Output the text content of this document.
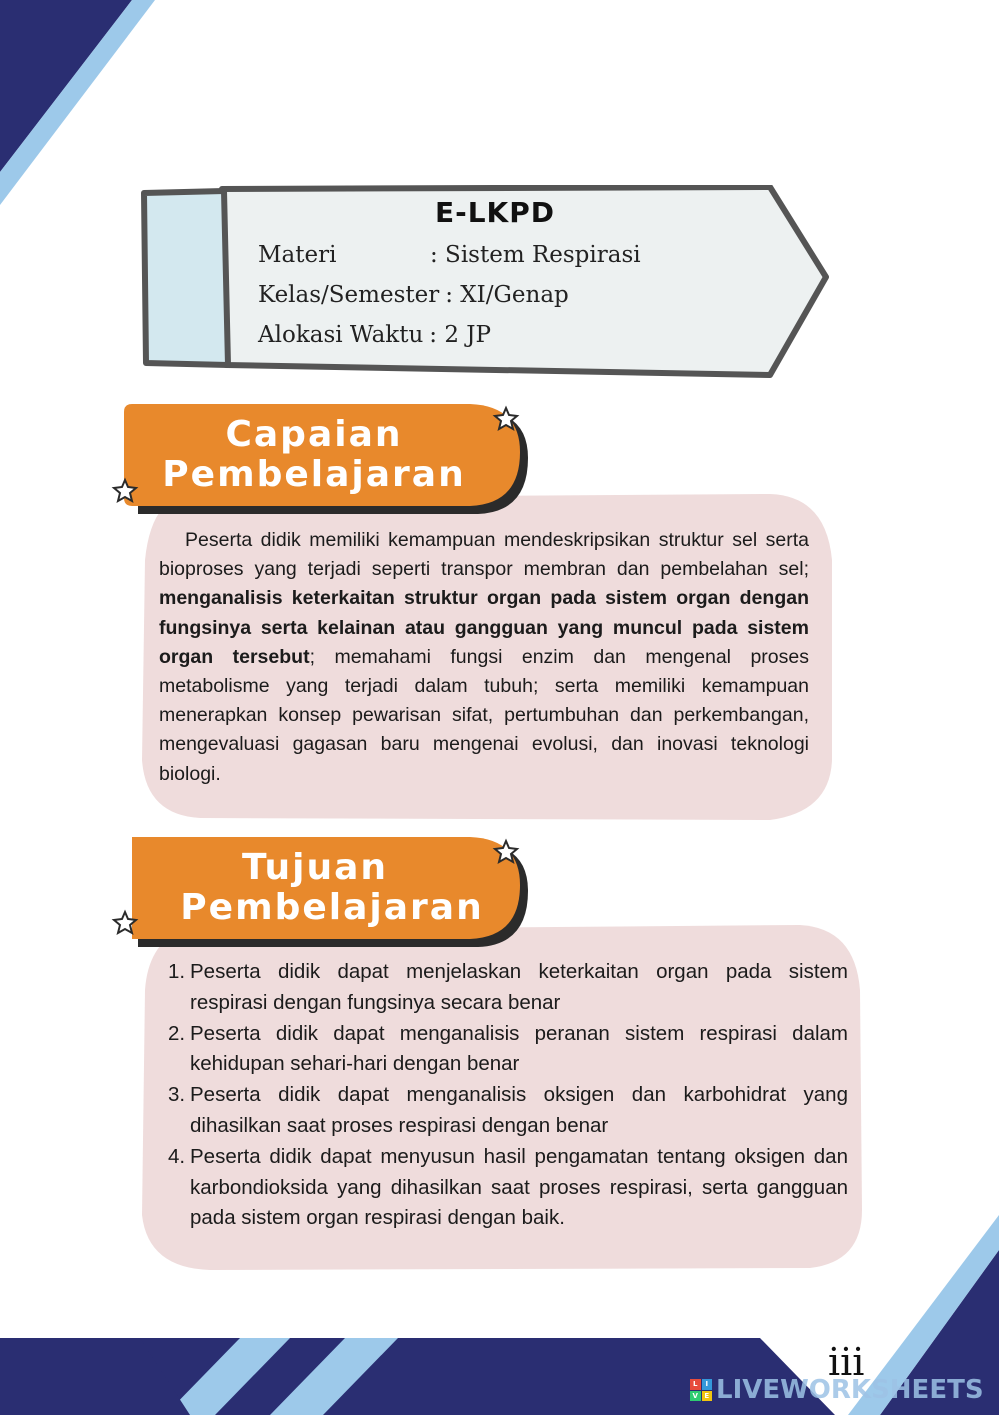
E-LKPD
Materi	: Sistem Respirasi
Kelas/Semester : XI/Genap
Alokasi Waktu : 2 JP
Capaian
Pembelajaran
Peserta didik memiliki kemampuan mendeskripsikan struktur sel serta bioproses yang terjadi seperti transpor membran dan pembelahan sel; menganalisis keterkaitan struktur organ pada sistem organ dengan fungsinya serta kelainan atau gangguan yang muncul pada sistem organ tersebut; memahami fungsi enzim dan mengenal proses metabolisme yang terjadi dalam tubuh; serta memiliki kemampuan menerapkan konsep pewarisan sifat, pertumbuhan dan perkembangan, mengevaluasi gagasan baru mengenai evolusi, dan inovasi teknologi biologi.
Tujuan
Pembelajaran
1. Peserta didik dapat menjelaskan keterkaitan organ pada sistem respirasi dengan fungsinya secara benar
2. Peserta didik dapat menganalisis peranan sistem respirasi dalam kehidupan sehari-hari dengan benar
3. Peserta didik dapat menganalisis oksigen dan karbohidrat yang dihasilkan saat proses respirasi dengan benar
4. Peserta didik dapat menyusun hasil pengamatan tentang oksigen dan karbondioksida yang dihasilkan saat proses respirasi, serta gangguan pada sistem organ respirasi dengan baik.
iii
L	I
V E LIVEWORKSHEETS
